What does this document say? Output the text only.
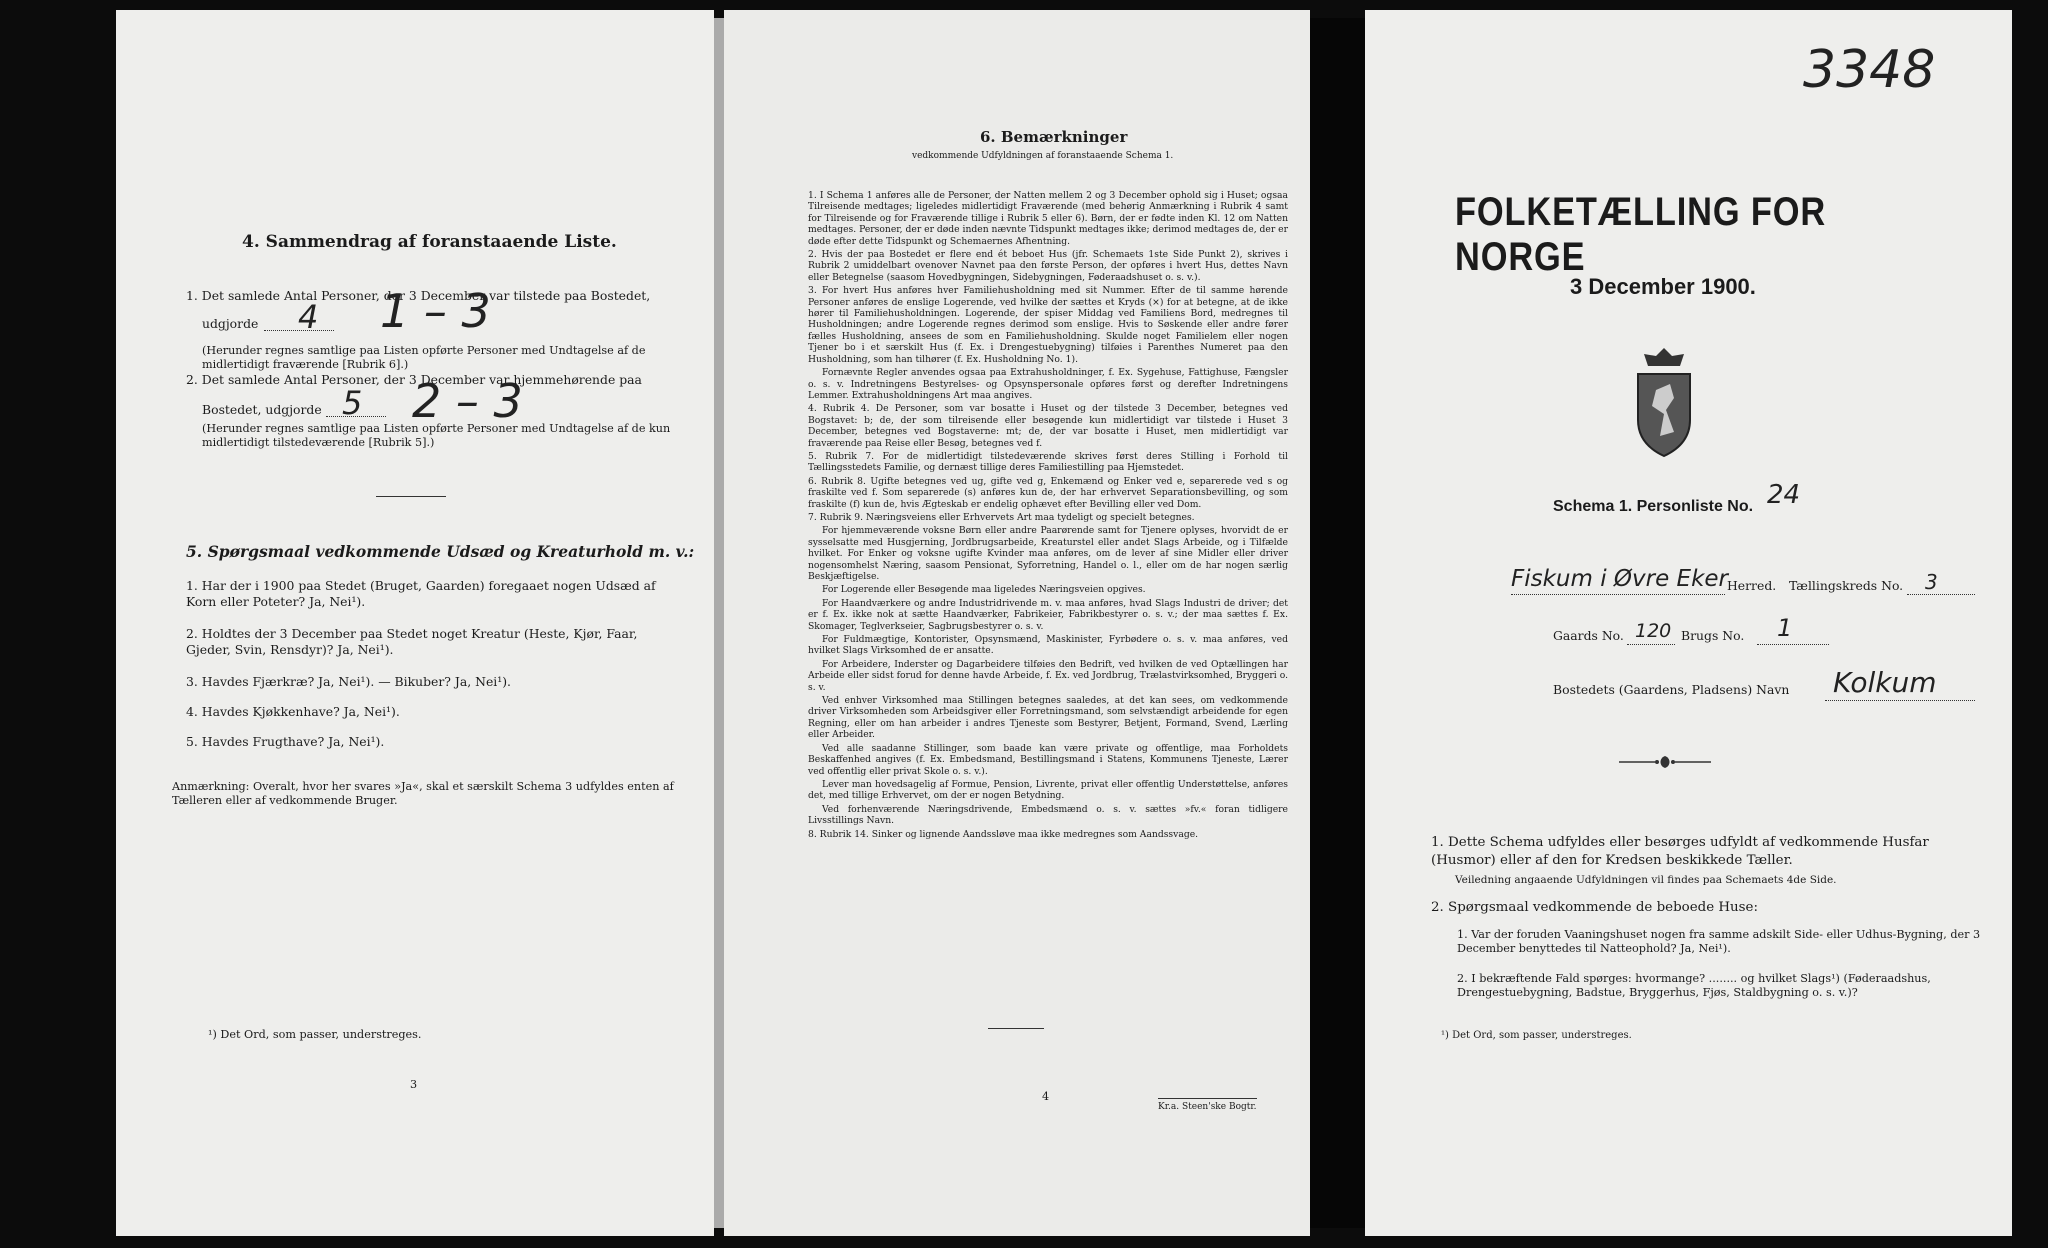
4. Sammendrag af foranstaaende Liste.
1. Det samlede Antal Personer, der 3 December var tilstede paa Bostedet,
udgjorde 4 1 – 3
(Herunder regnes samtlige paa Listen opførte Personer med Undtagelse af de midlertidigt fraværende [Rubrik 6].)
2. Det samlede Antal Personer, der 3 December var hjemmehørende paa
Bostedet, udgjorde 5 2 – 3
(Herunder regnes samtlige paa Listen opførte Personer med Undtagelse af de kun midlertidigt tilstedeværende [Rubrik 5].)
5. Spørgsmaal vedkommende Udsæd og Kreaturhold m. v.:
1. Har der i 1900 paa Stedet (Bruget, Gaarden) foregaaet nogen Udsæd af Korn eller Poteter? Ja, Nei¹).
2. Holdtes der 3 December paa Stedet noget Kreatur (Heste, Kjør, Faar, Gjeder, Svin, Rensdyr)? Ja, Nei¹).
3. Havdes Fjærkræ? Ja, Nei¹). — Bikuber? Ja, Nei¹).
4. Havdes Kjøkkenhave? Ja, Nei¹).
5. Havdes Frugthave? Ja, Nei¹).
Anmærkning: Overalt, hvor her svares »Ja«, skal et særskilt Schema 3 udfyldes enten af Tælleren eller af vedkommende Bruger.
¹) Det Ord, som passer, understreges.
3
6. Bemærkninger
vedkommende Udfyldningen af foranstaaende Schema 1.
1. I Schema 1 anføres alle de Personer, der Natten mellem 2 og 3 December ophold sig i Huset; ogsaa Tilreisende medtages; ligeledes midlertidigt Fraværende (med behørig Anmærkning i Rubrik 4 samt for Tilreisende og for Fraværende tillige i Rubrik 5 eller 6). Børn, der er fødte inden Kl. 12 om Natten medtages. Personer, der er døde inden nævnte Tidspunkt medtages ikke; derimod medtages de, der er døde efter dette Tidspunkt og Schemaernes Afhentning.
2. Hvis der paa Bostedet er flere end ét beboet Hus (jfr. Schemaets 1ste Side Punkt 2), skrives i Rubrik 2 umiddelbart ovenover Navnet paa den første Person, der opføres i hvert Hus, dettes Navn eller Betegnelse (saasom Hovedbygningen, Sidebygningen, Føderaadshuset o. s. v.).
3. For hvert Hus anføres hver Familiehusholdning med sit Nummer. Efter de til samme hørende Personer anføres de enslige Logerende, ved hvilke der sættes et Kryds (×) for at betegne, at de ikke hører til Familiehusholdningen. Logerende, der spiser Middag ved Familiens Bord, medregnes til Husholdningen; andre Logerende regnes derimod som enslige. Hvis to Søskende eller andre fører fælles Husholdning, ansees de som en Familiehusholdning. Skulde noget Familielem eller nogen Tjener bo i et særskilt Hus (f. Ex. i Drengestuebygning) tilføies i Parenthes Numeret paa den Husholdning, som han tilhører (f. Ex. Husholdning No. 1).
Fornævnte Regler anvendes ogsaa paa Extrahusholdninger, f. Ex. Sygehuse, Fattighuse, Fængsler o. s. v. Indretningens Bestyrelses- og Opsynspersonale opføres først og derefter Indretningens Lemmer. Extrahusholdningens Art maa angives.
4. Rubrik 4. De Personer, som var bosatte i Huset og der tilstede 3 December, betegnes ved Bogstavet: b; de, der som tilreisende eller besøgende kun midlertidigt var tilstede i Huset 3 December, betegnes ved Bogstaverne: mt; de, der var bosatte i Huset, men midlertidigt var fraværende paa Reise eller Besøg, betegnes ved f.
5. Rubrik 7. For de midlertidigt tilstedeværende skrives først deres Stilling i Forhold til Tællingsstedets Familie, og dernæst tillige deres Familiestilling paa Hjemstedet.
6. Rubrik 8. Ugifte betegnes ved ug, gifte ved g, Enkemænd og Enker ved e, separerede ved s og fraskilte ved f. Som separerede (s) anføres kun de, der har erhvervet Separationsbevilling, og som fraskilte (f) kun de, hvis Ægteskab er endelig ophævet efter Bevilling eller ved Dom.
7. Rubrik 9. Næringsveiens eller Erhvervets Art maa tydeligt og specielt betegnes.
For hjemmeværende voksne Børn eller andre Paarørende samt for Tjenere oplyses, hvorvidt de er sysselsatte med Husgjerning, Jordbrugsarbeide, Kreaturstel eller andet Slags Arbeide, og i Tilfælde hvilket. For Enker og voksne ugifte Kvinder maa anføres, om de lever af sine Midler eller driver nogensomhelst Næring, saasom Pensionat, Syforretning, Handel o. l., eller om de har nogen særlig Beskjæftigelse.
For Logerende eller Besøgende maa ligeledes Næringsveien opgives.
For Haandværkere og andre Industridrivende m. v. maa anføres, hvad Slags Industri de driver; det er f. Ex. ikke nok at sætte Haandværker, Fabrikeier, Fabrikbestyrer o. s. v.; der maa sættes f. Ex. Skomager, Teglverkseier, Sagbrugsbestyrer o. s. v.
For Fuldmægtige, Kontorister, Opsynsmænd, Maskinister, Fyrbødere o. s. v. maa anføres, ved hvilket Slags Virksomhed de er ansatte.
For Arbeidere, Inderster og Dagarbeidere tilføies den Bedrift, ved hvilken de ved Optællingen har Arbeide eller sidst forud for denne havde Arbeide, f. Ex. ved Jordbrug, Trælastvirksomhed, Bryggeri o. s. v.
Ved enhver Virksomhed maa Stillingen betegnes saaledes, at det kan sees, om vedkommende driver Virksomheden som Arbeidsgiver eller Forretningsmand, som selvstændigt arbeidende for egen Regning, eller om han arbeider i andres Tjeneste som Bestyrer, Betjent, Formand, Svend, Lærling eller Arbeider.
Ved alle saadanne Stillinger, som baade kan være private og offentlige, maa Forholdets Beskaffenhed angives (f. Ex. Embedsmand, Bestillingsmand i Statens, Kommunens Tjeneste, Lærer ved offentlig eller privat Skole o. s. v.).
Lever man hovedsagelig af Formue, Pension, Livrente, privat eller offentlig Understøttelse, anføres det, med tillige Erhvervet, om der er nogen Betydning.
Ved forhenværende Næringsdrivende, Embedsmænd o. s. v. sættes »fv.« foran tidligere Livsstillings Navn.
8. Rubrik 14. Sinker og lignende Aandssløve maa ikke medregnes som Aandssvage.
4
Kr.a. Steen'ske Bogtr.
3348
FOLKETÆLLING FOR NORGE
3 December 1900.
Schema 1. Personliste No. 24
Fiskum i Øvre Eker
Herred. Tællingskreds No. 3
Gaards No. 120 Brugs No. 1
Bostedets (Gaardens, Pladsens) Navn Kolkum
1. Dette Schema udfyldes eller besørges udfyldt af vedkommende Husfar (Husmor) eller af den for Kredsen beskikkede Tæller.
Veiledning angaaende Udfyldningen vil findes paa Schemaets 4de Side.
2. Spørgsmaal vedkommende de beboede Huse:
1. Var der foruden Vaaningshuset nogen fra samme adskilt Side- eller Udhus-Bygning, der 3 December benyttedes til Natteophold? Ja, Nei¹).
2. I bekræftende Fald spørges: hvormange? ........ og hvilket Slags¹) (Føderaadshus, Drengestuebygning, Badstue, Bryggerhus, Fjøs, Staldbygning o. s. v.)?
¹) Det Ord, som passer, understreges.
